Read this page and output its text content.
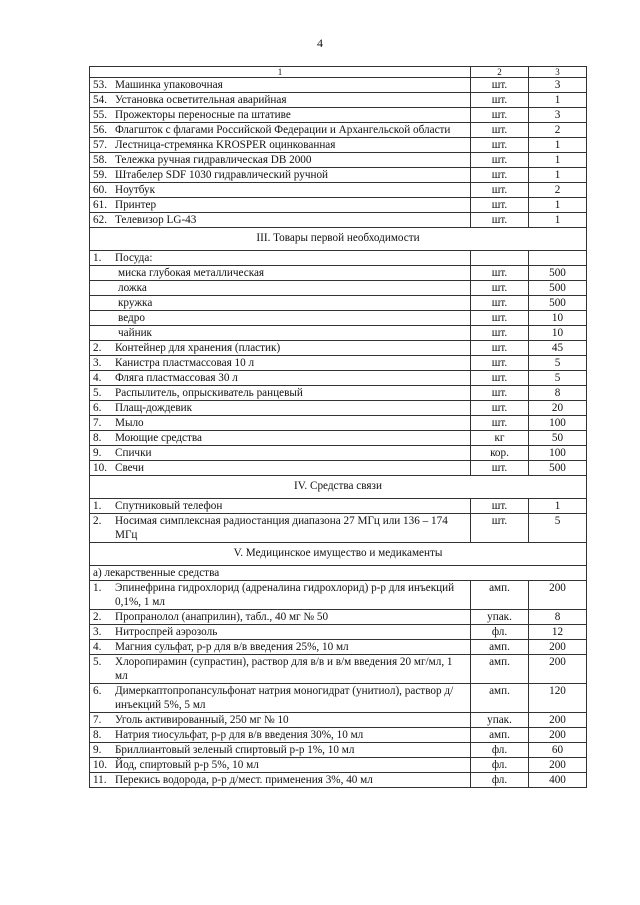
4
1	2	3

53. Машинка упаковочная	шт.	3

54. Установка осветительная аварийная	шт.	1

55. Прожекторы переносные па штативе	шт.	3

56. Флагшток с флагами Российской Федерации и Архангельской области	шт.	2

57. Лестница-стремянка KROSPER оцинкованная	шт.	1

58. Тележка ручная гидравлическая DB 2000	шт.	1

59. Штабелер SDF 1030 гидравлический ручной	шт.	1

60. Ноутбук	шт.	2

61. Принтер	шт.	1

62. Телевизор LG-43	шт.	1
III. Товары первой необходимости		

1. Посуда:		

миска глубокая металлическая	шт.	500

ложка	шт.	500

кружка	шт.	500

ведро	шт.	10

чайник	шт.	10

2. Контейнер для хранения (пластик)	шт.	45

3. Канистра пластмассовая 10 л	шт.	5

4. Фляга пластмассовая 30 л	шт.	5

5. Распылитель, опрыскиватель ранцевый	шт.	8

6. Плащ-дождевик	шт.	20

7. Мыло	шт.	100

8. Моющие средства	кг	50

9. Спички	кор.	100

10. Свечи	шт.	500
IV. Средства связи		

1. Спутниковый телефон	шт.	1

2. Носимая симплексная радиостанция диапазона 27 МГц или 136 – 174 МГц	шт.	5
V. Медицинское имущество и медикаменты		
а) лекарственные средства		

1. Эпинефрина гидрохлорид (адреналина гидрохлорид) р-р для инъекций 0,1%, 1 мл	амп.	200

2. Пропранолол (анаприлин), табл., 40 мг № 50	упак.	8

3. Нитроспрей аэрозоль	фл.	12

4. Магния сульфат, р-р для в/в введения 25%, 10 мл	амп.	200

5. Хлоропирамин (супрастин), раствор для в/в и в/м введения 20 мг/мл, 1 мл	амп.	200

6. Димеркаптопропансульфонат натрия моногидрат (унитиол), раствор д/инъекций 5%, 5 мл	амп.	120

7. Уголь активированный, 250 мг № 10	упак.	200

8. Натрия тиосульфат, р-р для в/в введения 30%, 10 мл	амп.	200

9. Бриллиантовый зеленый спиртовый р-р 1%, 10 мл	фл.	60

10. Йод, спиртовый р-р 5%, 10 мл	фл.	200

11. Перекись водорода, р-р д/мест. применения 3%, 40 мл	фл.	400
